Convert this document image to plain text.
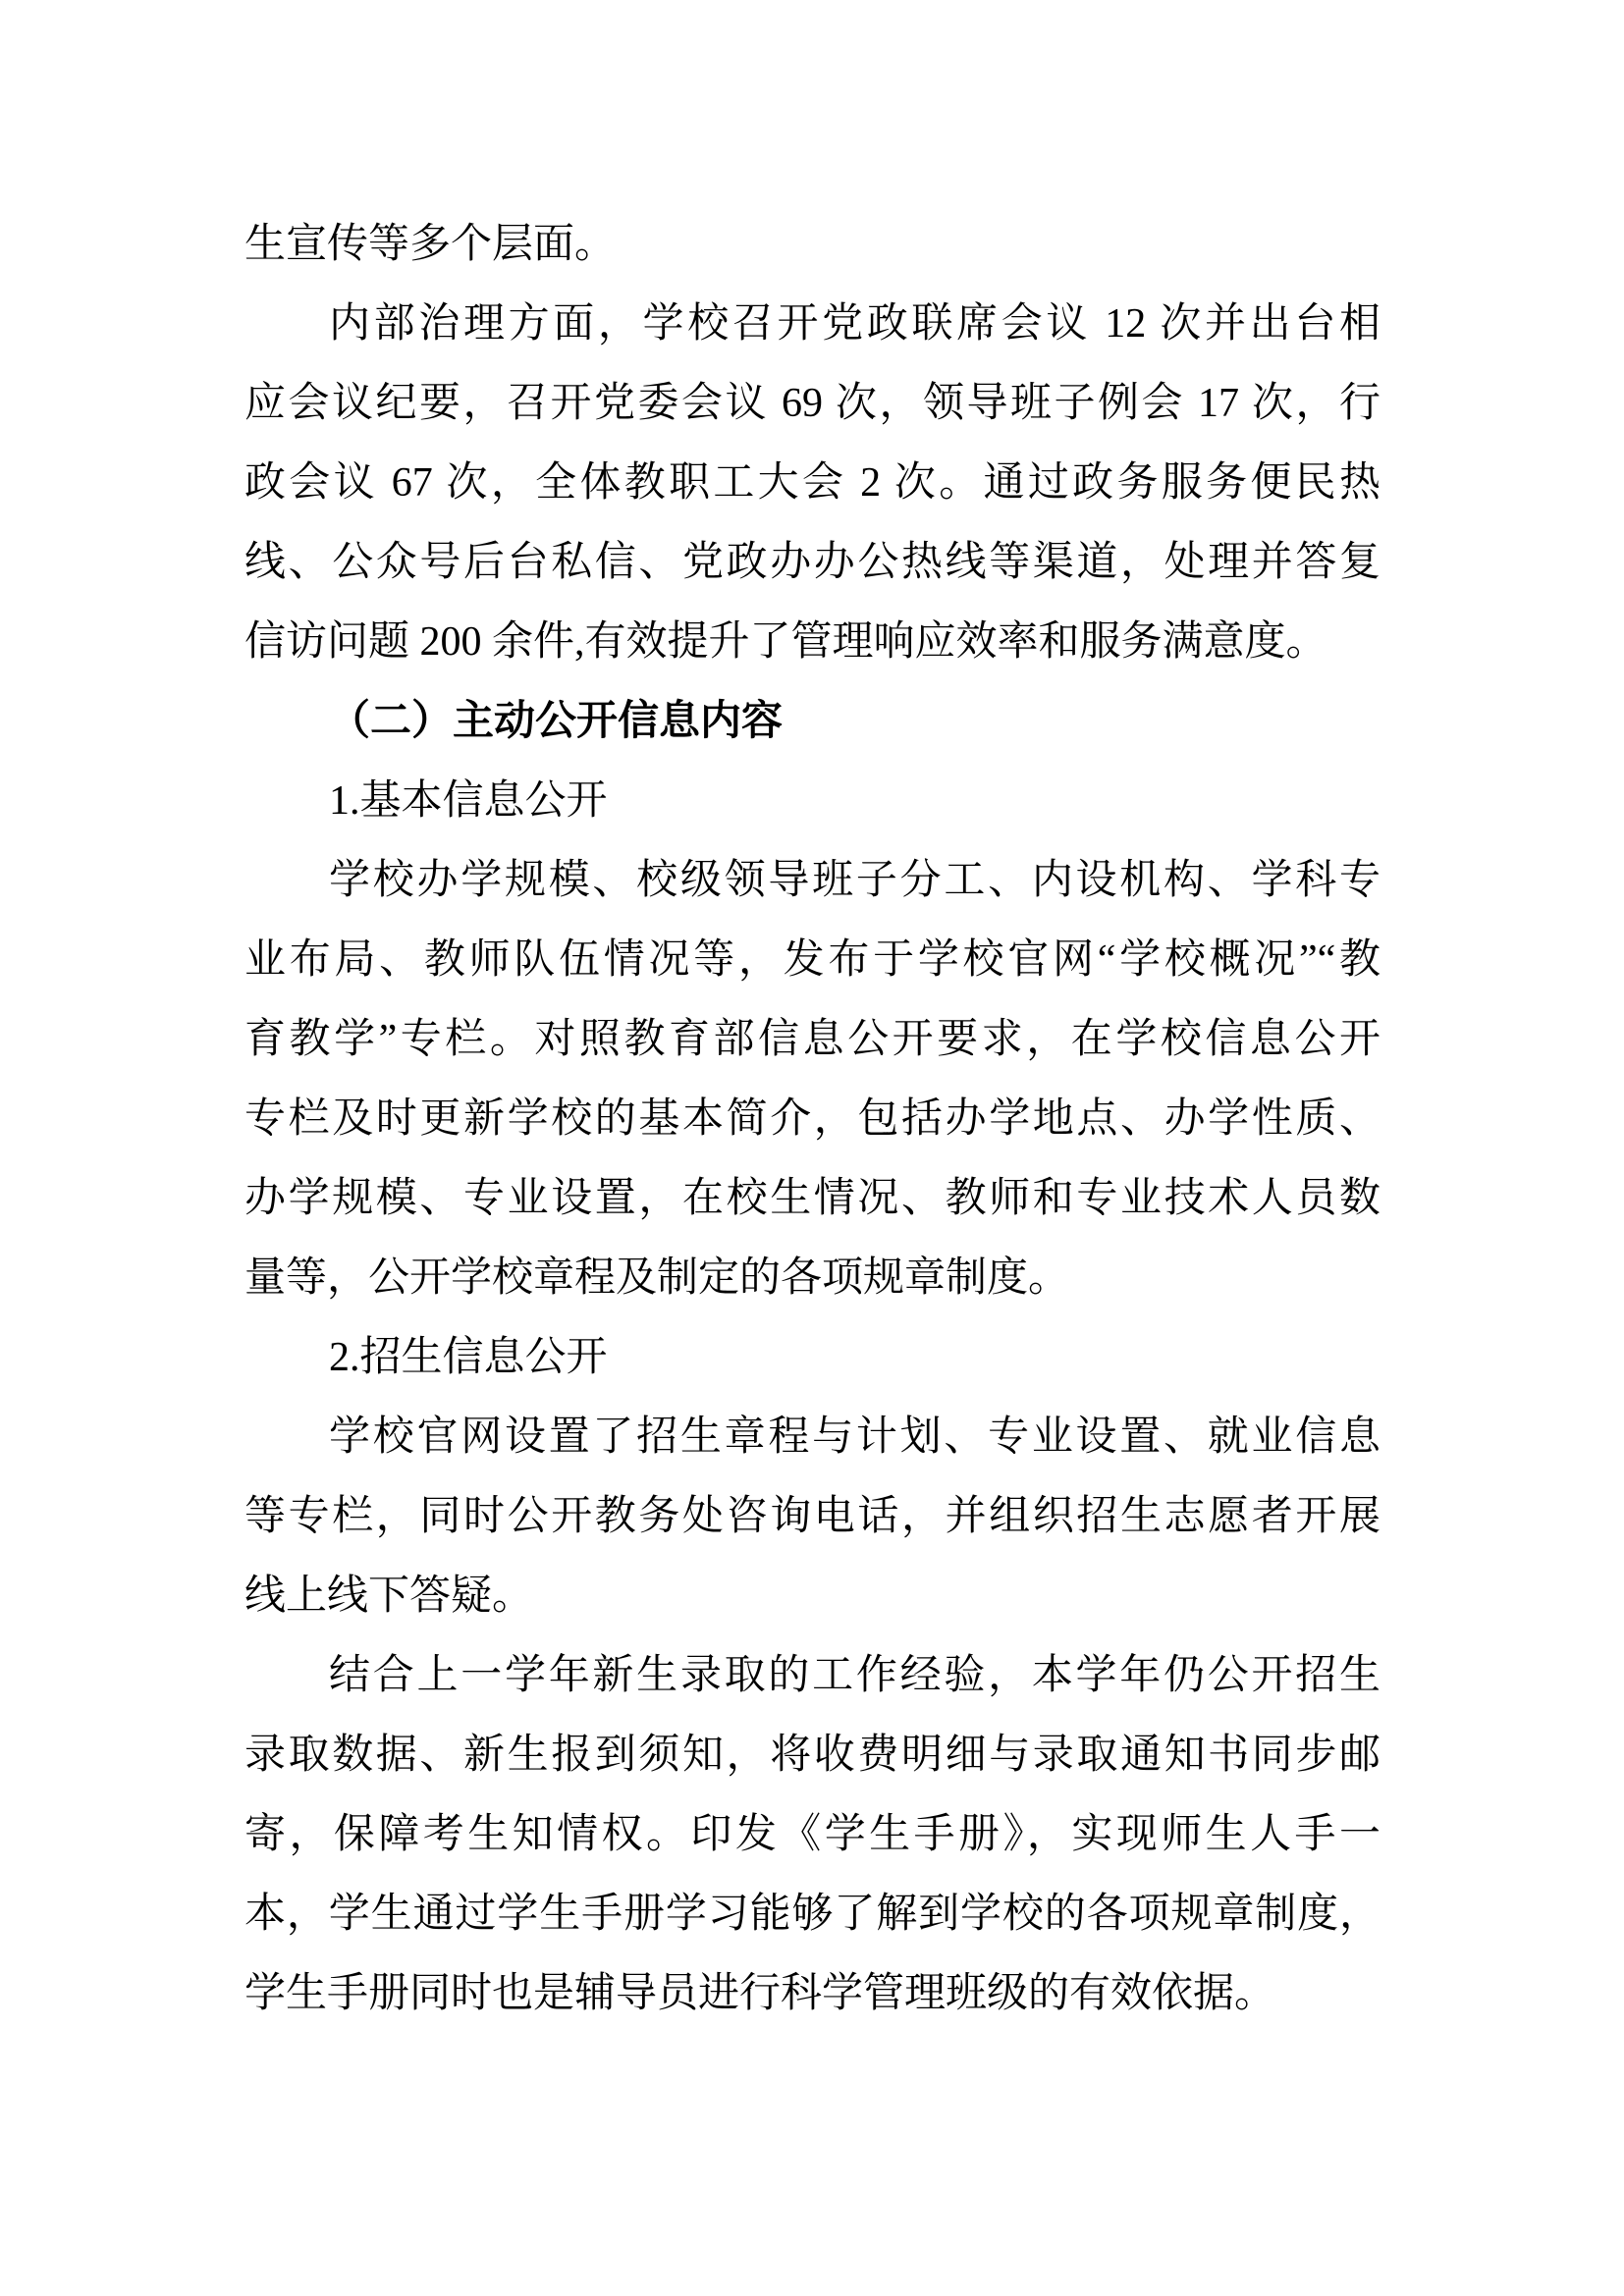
生宣传等多个层面。
内部治理方面，学校召开党政联席会议 12 次并出台相
应会议纪要，召开党委会议 69 次，领导班子例会 17 次，行
政会议 67 次，全体教职工大会 2 次。通过政务服务便民热
线、公众号后台私信、党政办办公热线等渠道，处理并答复
信访问题 200 余件,有效提升了管理响应效率和服务满意度。
（二）主动公开信息内容
1.基本信息公开
学校办学规模、校级领导班子分工、内设机构、学科专
业布局、教师队伍情况等，发布于学校官网“学校概况”“教
育教学”专栏。对照教育部信息公开要求，在学校信息公开
专栏及时更新学校的基本简介，包括办学地点、办学性质、
办学规模、专业设置，在校生情况、教师和专业技术人员数
量等，公开学校章程及制定的各项规章制度。
2.招生信息公开
学校官网设置了招生章程与计划、专业设置、就业信息
等专栏，同时公开教务处咨询电话，并组织招生志愿者开展
线上线下答疑。
结合上一学年新生录取的工作经验，本学年仍公开招生
录取数据、新生报到须知，将收费明细与录取通知书同步邮
寄，保障考生知情权。印发《学生手册》，实现师生人手一
本，学生通过学生手册学习能够了解到学校的各项规章制度，
学生手册同时也是辅导员进行科学管理班级的有效依据。
